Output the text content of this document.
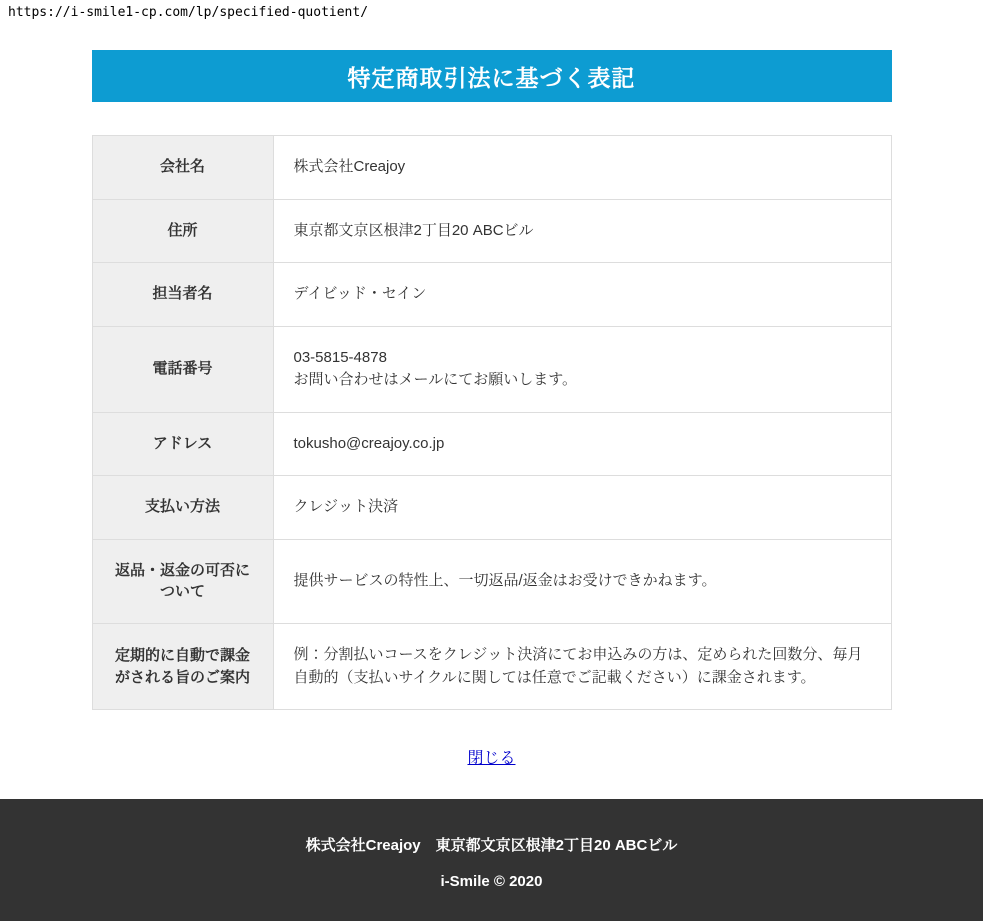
https://i-smile1-cp.com/lp/specified-quotient/
特定商取引法に基づく表記
会社名	株式会社Creajoy
住所	東京都文京区根津2丁目20 ABCビル
担当者名	デイビッド・セイン
電話番号	03-5815-4878
お問い合わせはメールにてお願いします。

アドレス	tokusho@creajoy.co.jp
支払い方法	クレジット決済
返品・返金の可否について	提供サービスの特性上、一切返品/返金はお受けできかねます。
定期的に自動で課金がされる旨のご案内	例：分割払いコースをクレジット決済にてお申込みの方は、定められた回数分、毎月自動的（支払いサイクルに関しては任意でご記載ください）に課金されます。
閉じる

株式会社Creajoy　東京都文京区根津2丁目20 ABCビル

i-Smile © 2020
